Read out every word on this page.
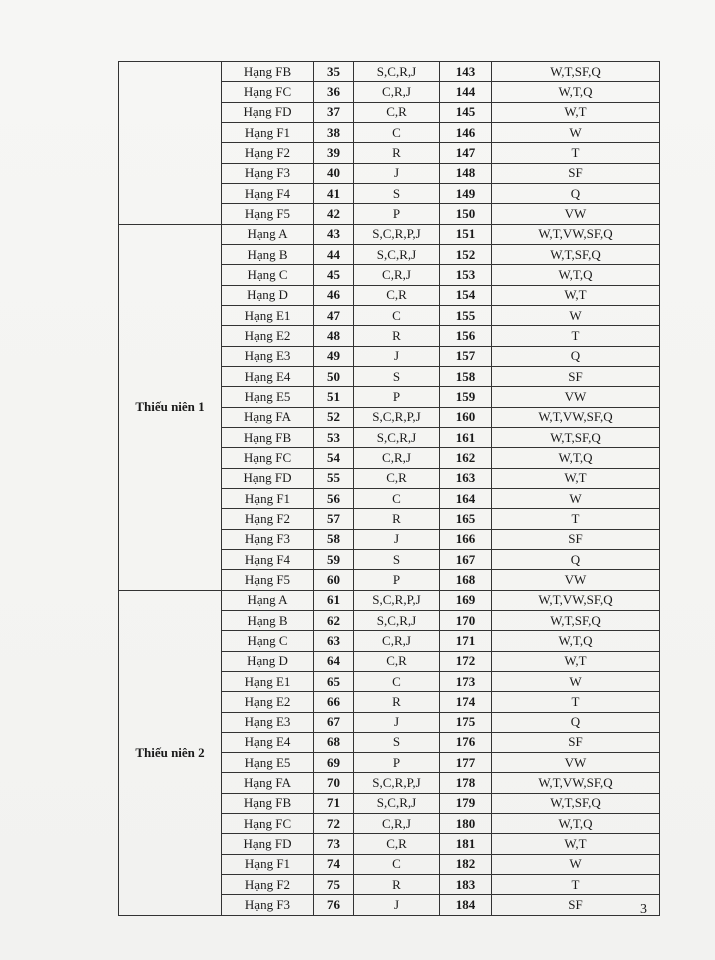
	Hạng FB	35	S,C,R,J	143	W,T,SF,Q
	Hạng FC	36	C,R,J	144	W,T,Q
	Hạng FD	37	C,R	145	W,T
	Hạng F1	38	C	146	W
	Hạng F2	39	R	147	T
	Hạng F3	40	J	148	SF
	Hạng F4	41	S	149	Q
	Hạng F5	42	P	150	VW
Thiếu niên 1	Hạng A	43	S,C,R,P,J	151	W,T,VW,SF,Q
	Hạng B	44	S,C,R,J	152	W,T,SF,Q
	Hạng C	45	C,R,J	153	W,T,Q
	Hạng D	46	C,R	154	W,T
	Hạng E1	47	C	155	W
	Hạng E2	48	R	156	T
	Hạng E3	49	J	157	Q
	Hạng E4	50	S	158	SF
	Hạng E5	51	P	159	VW
	Hạng FA	52	S,C,R,P,J	160	W,T,VW,SF,Q
	Hạng FB	53	S,C,R,J	161	W,T,SF,Q
	Hạng FC	54	C,R,J	162	W,T,Q
	Hạng FD	55	C,R	163	W,T
	Hạng F1	56	C	164	W
	Hạng F2	57	R	165	T
	Hạng F3	58	J	166	SF
	Hạng F4	59	S	167	Q
	Hạng F5	60	P	168	VW
Thiếu niên 2	Hạng A	61	S,C,R,P,J	169	W,T,VW,SF,Q
	Hạng B	62	S,C,R,J	170	W,T,SF,Q
	Hạng C	63	C,R,J	171	W,T,Q
	Hạng D	64	C,R	172	W,T
	Hạng E1	65	C	173	W
	Hạng E2	66	R	174	T
	Hạng E3	67	J	175	Q
	Hạng E4	68	S	176	SF
	Hạng E5	69	P	177	VW
	Hạng FA	70	S,C,R,P,J	178	W,T,VW,SF,Q
	Hạng FB	71	S,C,R,J	179	W,T,SF,Q
	Hạng FC	72	C,R,J	180	W,T,Q
	Hạng FD	73	C,R	181	W,T
	Hạng F1	74	C	182	W
	Hạng F2	75	R	183	T
	Hạng F3	76	J	184	SF	3
